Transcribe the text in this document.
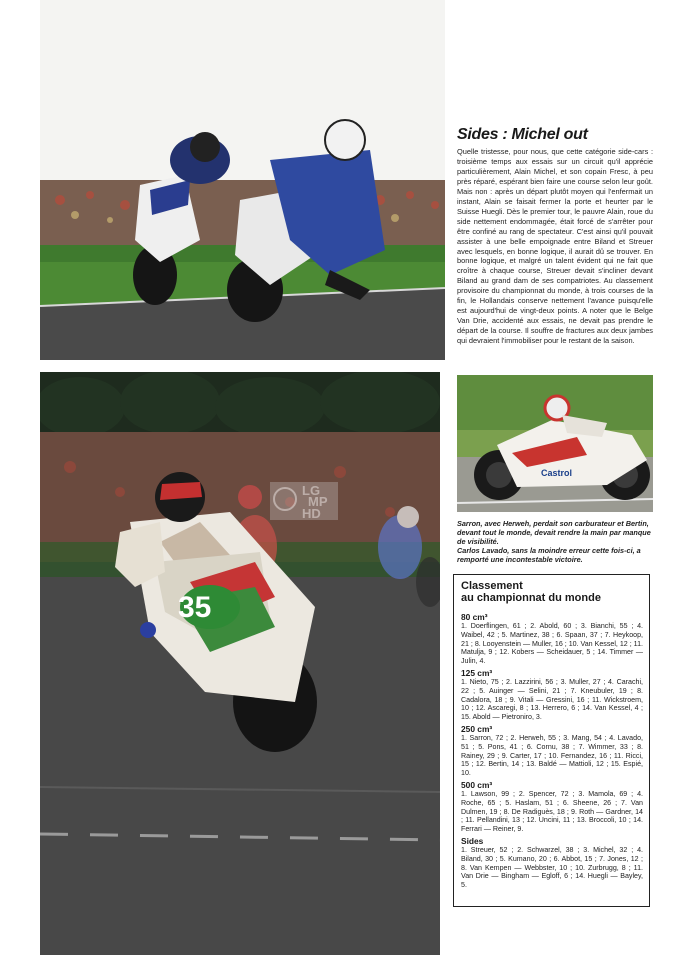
35
LG
MP
HD
Sides : Michel out

Quelle tristesse, pour nous, que cette catégorie side-cars : troisième temps aux essais sur un circuit qu'il apprécie particulièrement, Alain Michel, et son copain Fresc, à peu près réparé, espérant bien faire une course selon leur goût. Mais non : après un départ plutôt moyen qui l'enfermait un instant, Alain se faisait fermer la porte et heurter par le Suisse Huegli. Dès le premier tour, le pauvre Alain, roue du side nettement endommagée, était forcé de s'arrêter pour être confiné au rang de spectateur. C'est ainsi qu'il pouvait assister à une belle empoignade entre Biland et Streuer avec lesquels, en bonne logique, il aurait dû se trouver. En bonne logique, et malgré un talent évident qui ne fait que croître à chaque course, Streuer devait s'incliner devant Biland au grand dam de ses compatriotes. Au classement provisoire du championnat du monde, à trois courses de la fin, le Hollandais conserve nettement l'avance puisqu'elle est aujourd'hui de vingt-deux points. A noter que le Belge Van Drie, accidenté aux essais, ne devait pas prendre le départ de la course. Il souffre de fractures aux deux jambes qui devraient l'immobiliser pour le restant de la saison.

Castrol

Sarron, avec Herweh, perdait son carburateur et Bertin, devant tout le monde, devait rendre la main par manque de visibilité.
Carlos Lavado, sans la moindre erreur cette fois-ci, a remporté une incontestable victoire.

Classement
au championnat du monde

80 cm³

1. Doerflingen, 61 ; 2. Abold, 60 ; 3. Bianchi, 55 ; 4. Waibel, 42 ; 5. Martinez, 38 ; 6. Spaan, 37 ; 7. Heykoop, 21 ; 8. Looyenstein — Muller, 16 ; 10. Van Kessel, 12 ; 11. Matulja, 9 ; 12. Kobers — Scheidauer, 5 ; 14. Timmer — Julin, 4.

125 cm³

1. Nieto, 75 ; 2. Lazzirini, 56 ; 3. Muller, 27 ; 4. Carachi, 22 ; 5. Auinger — Selini, 21 ; 7. Kneubuler, 19 ; 8. Cadalora, 18 ; 9. Vitali — Gressini, 16 ; 11. Wickstroem, 10 ; 12. Ascaregi, 8 ; 13. Herrero, 6 ; 14. Van Kessel, 4 ; 15. Abold — Pietroniro, 3.

250 cm³

1. Sarron, 72 ; 2. Herweh, 55 ; 3. Mang, 54 ; 4. Lavado, 51 ; 5. Pons, 41 ; 6. Cornu, 38 ; 7. Wimmer, 33 ; 8. Rainey, 29 ; 9. Carter, 17 ; 10. Fernandez, 16 ; 11. Ricci, 15 ; 12. Bertin, 14 ; 13. Baldé — Mattioli, 12 ; 15. Espié, 10.

500 cm³

1. Lawson, 99 ; 2. Spencer, 72 ; 3. Mamola, 69 ; 4. Roche, 65 ; 5. Haslam, 51 ; 6. Sheene, 26 ; 7. Van Dulmen, 19 ; 8. De Radiguès, 18 ; 9. Roth — Gardner, 14 ; 11. Pellandini, 13 ; 12. Uncini, 11 ; 13. Broccoli, 10 ; 14. Ferrari — Reiner, 9.

Sides

1. Streuer, 52 ; 2. Schwarzel, 38 ; 3. Michel, 32 ; 4. Biland, 30 ; 5. Kumano, 20 ; 6. Abbot, 15 ; 7. Jones, 12 ; 8. Van Kempen — Webbster, 10 ; 10. Zurbrugg, 8 ; 11. Van Drie — Bingham — Egloff, 6 ; 14. Huegli — Bayley, 5.
